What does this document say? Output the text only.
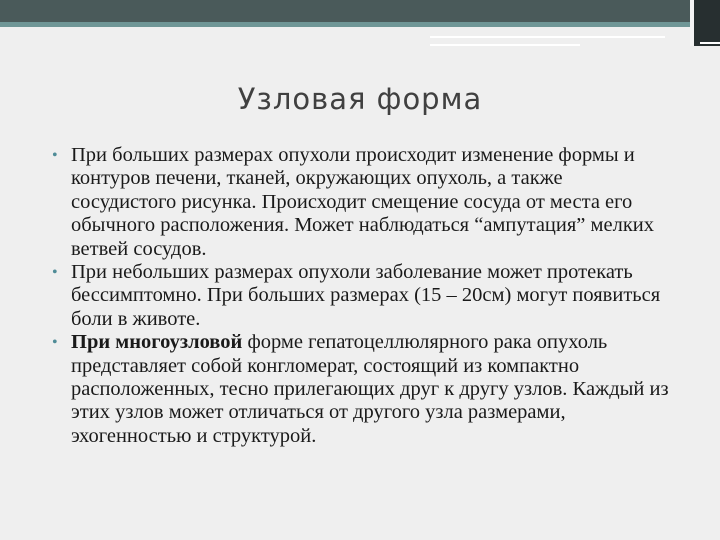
Узловая форма

• При больших размерах опухоли происходит изменение формы и контуров печени, тканей, окружающих опухоль, а также сосудистого рисунка. Происходит смещение сосуда от места его обычного расположения. Может наблюдаться “ампутация” мелких ветвей сосудов.

• При небольших размерах опухоли заболевание может протекать бессимптомно. При больших размерах (15 – 20см) могут появиться боли в животе.

• При многоузловой форме гепатоцеллюлярного рака опухоль представляет собой конгломерат, состоящий из компактно расположенных, тесно прилегающих друг к другу узлов. Каждый из этих узлов может отличаться от другого узла размерами, эхогенностью и структурой.
